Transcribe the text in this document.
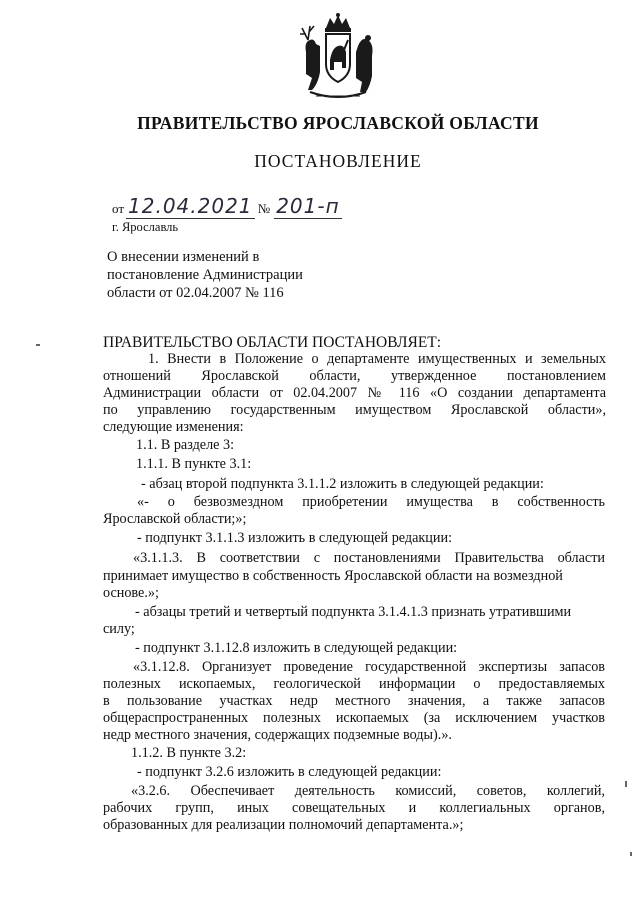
ПРАВИТЕЛЬСТВО ЯРОСЛАВСКОЙ ОБЛАСТИ
ПОСТАНОВЛЕНИЕ
от 12.04.2021 № 201-п
г. Ярославль
О внесении изменений в
постановление Администрации
области от 02.04.2007 № 116
ПРАВИТЕЛЬСТВО ОБЛАСТИ ПОСТАНОВЛЯЕТ:
1. Внести в Положение о департаменте имущественных и земельных
отношений Ярославской области, утвержденное постановлением
Администрации области от 02.04.2007 № 116 «О создании департамента
по управлению государственным имуществом Ярославской области»,
следующие изменения:
1.1. В разделе 3:
1.1.1. В пункте 3.1:
- абзац второй подпункта 3.1.1.2 изложить в следующей редакции:
«- о безвозмездном приобретении имущества в собственность
Ярославской области;»;
- подпункт 3.1.1.3 изложить в следующей редакции:
«3.1.1.3. В соответствии с постановлениями Правительства области
принимает имущество в собственность Ярославской области на возмездной
основе.»;
- абзацы третий и четвертый подпункта 3.1.4.1.3 признать утратившими
силу;
- подпункт 3.1.12.8 изложить в следующей редакции:
«3.1.12.8. Организует проведение государственной экспертизы запасов
полезных ископаемых, геологической информации о предоставляемых
в пользование участках недр местного значения, а также запасов
общераспространенных полезных ископаемых (за исключением участков
недр местного значения, содержащих подземные воды).».
1.1.2. В пункте 3.2:
- подпункт 3.2.6 изложить в следующей редакции:
«3.2.6. Обеспечивает деятельность комиссий, советов, коллегий,
рабочих групп, иных совещательных и коллегиальных органов,
образованных для реализации полномочий департамента.»;
